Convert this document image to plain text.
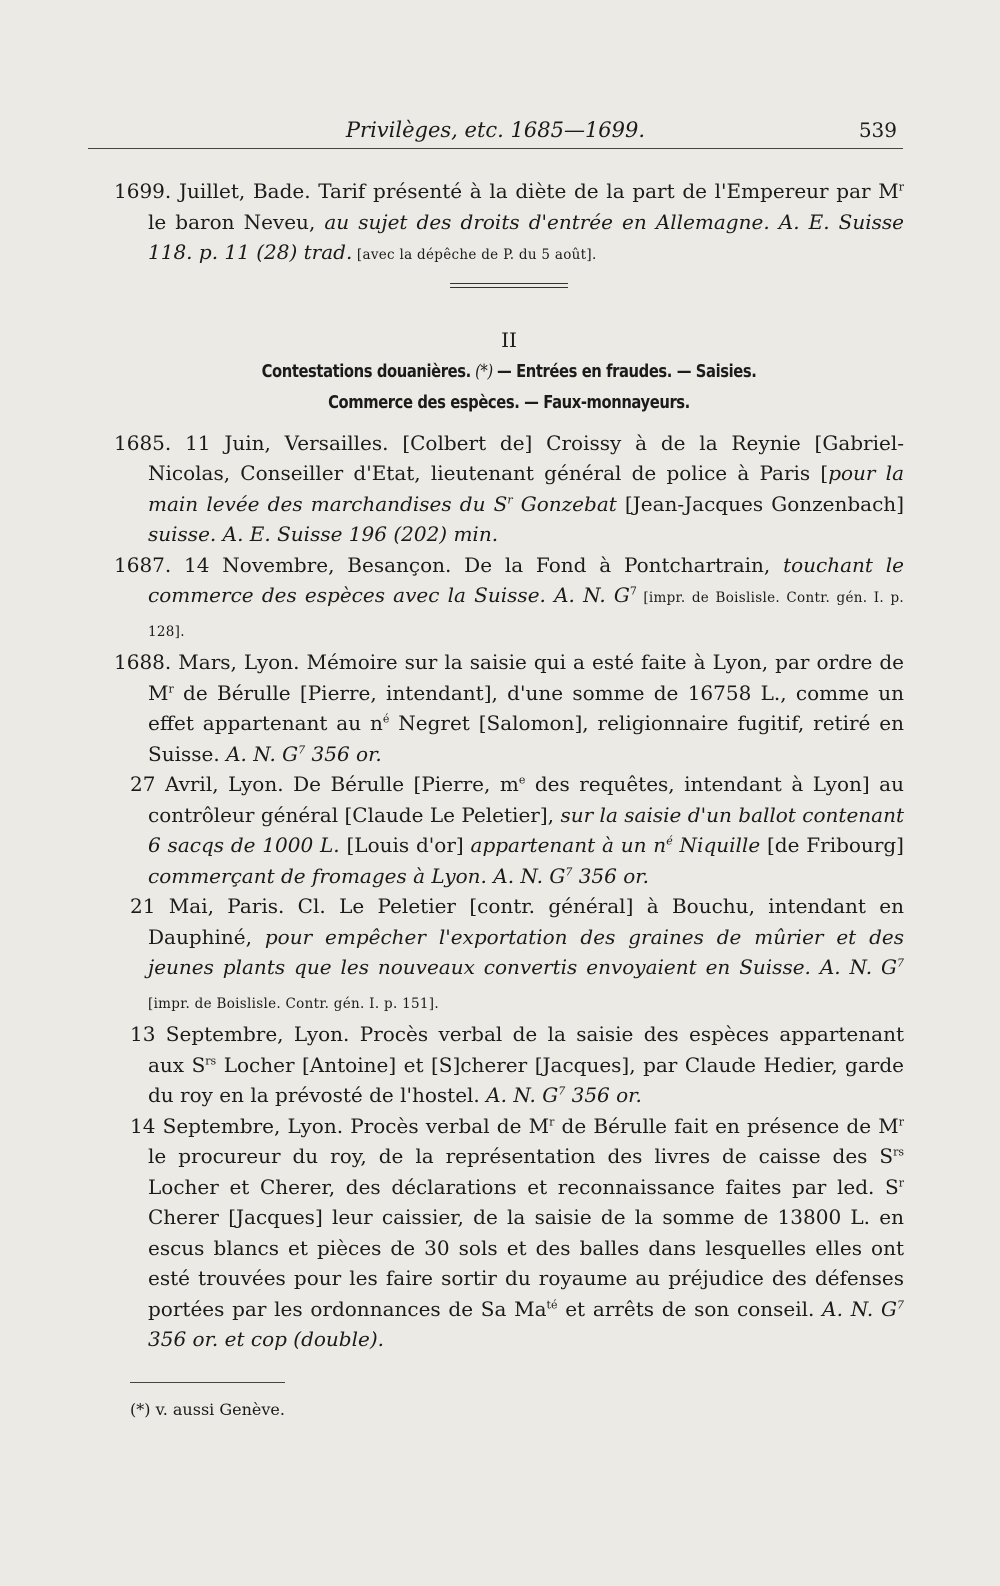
Privilèges, etc. 1685—1699.	539

1699. Juillet, Bade. Tarif présenté à la diète de la part de l'Empereur par $M^r$ le baron Neveu, au sujet des droits d'entrée en Allemagne. A. E. Suisse 118. p. 11 (28) trad. [avec la dépêche de P. du 5 août].

II
Contestations douanières. (*) — Entrées en fraudes. — Saisies.
Commerce des espèces. — Faux-monnayeurs.

1685. 11 Juin, Versailles. [Colbert de] Croissy à de la Reynie [Gabriel-Nicolas, Conseiller d'Etat, lieutenant général de police à Paris [pour la main levée des marchandises du $S^r$ Gonzebat [Jean-Jacques Gonzenbach] suisse. A. E. Suisse 196 (202) min.

1687. 14 Novembre, Besançon. De la Fond à Pontchartrain, touchant le commerce des espèces avec la Suisse. A. N. $G^7$ [impr. de Boislisle. Contr. gén. I. p. 128].

1688. Mars, Lyon. Mémoire sur la saisie qui a esté faite à Lyon, par ordre de $M^r$ de Bérulle [Pierre, intendant], d'une somme de 16758 L., comme un effet appartenant au $n^é$ Negret [Salomon], religionnaire fugitif, retiré en Suisse. A. N. $G^7$ 356 or.

27 Avril, Lyon. De Bérulle [Pierre, $m^e$ des requêtes, intendant à Lyon] au contrôleur général [Claude Le Peletier], sur la saisie d'un ballot contenant 6 sacqs de 1000 L. [Louis d'or] appartenant à un $n^é$ Niquille [de Fribourg] commerçant de fromages à Lyon. A. N. $G^7$ 356 or.

21 Mai, Paris. Cl. Le Peletier [contr. général] à Bouchu, intendant en Dauphiné, pour empêcher l'exportation des graines de mûrier et des jeunes plants que les nouveaux convertis envoyaient en Suisse. A. N. $G^7$ [impr. de Boislisle. Contr. gén. I. p. 151].

13 Septembre, Lyon. Procès verbal de la saisie des espèces appartenant aux $S^{rs}$ Locher [Antoine] et [S]cherer [Jacques], par Claude Hedier, garde du roy en la prévosté de l'hostel. A. N. $G^7$ 356 or.

14 Septembre, Lyon. Procès verbal de $M^r$ de Bérulle fait en présence de $M^r$ le procureur du roy, de la représentation des livres de caisse des $S^{rs}$ Locher et Cherer, des déclarations et reconnaissance faites par led. $S^r$ Cherer [Jacques] leur caissier, de la saisie de la somme de 13800 L. en escus blancs et pièces de 30 sols et des balles dans lesquelles elles ont esté trouvées pour les faire sortir du royaume au préjudice des défenses portées par les ordonnances de Sa $Ma^{té}$ et arrêts de son conseil. A. N. $G^7$ 356 or. et cop (double).

(*) v. aussi Genève.
